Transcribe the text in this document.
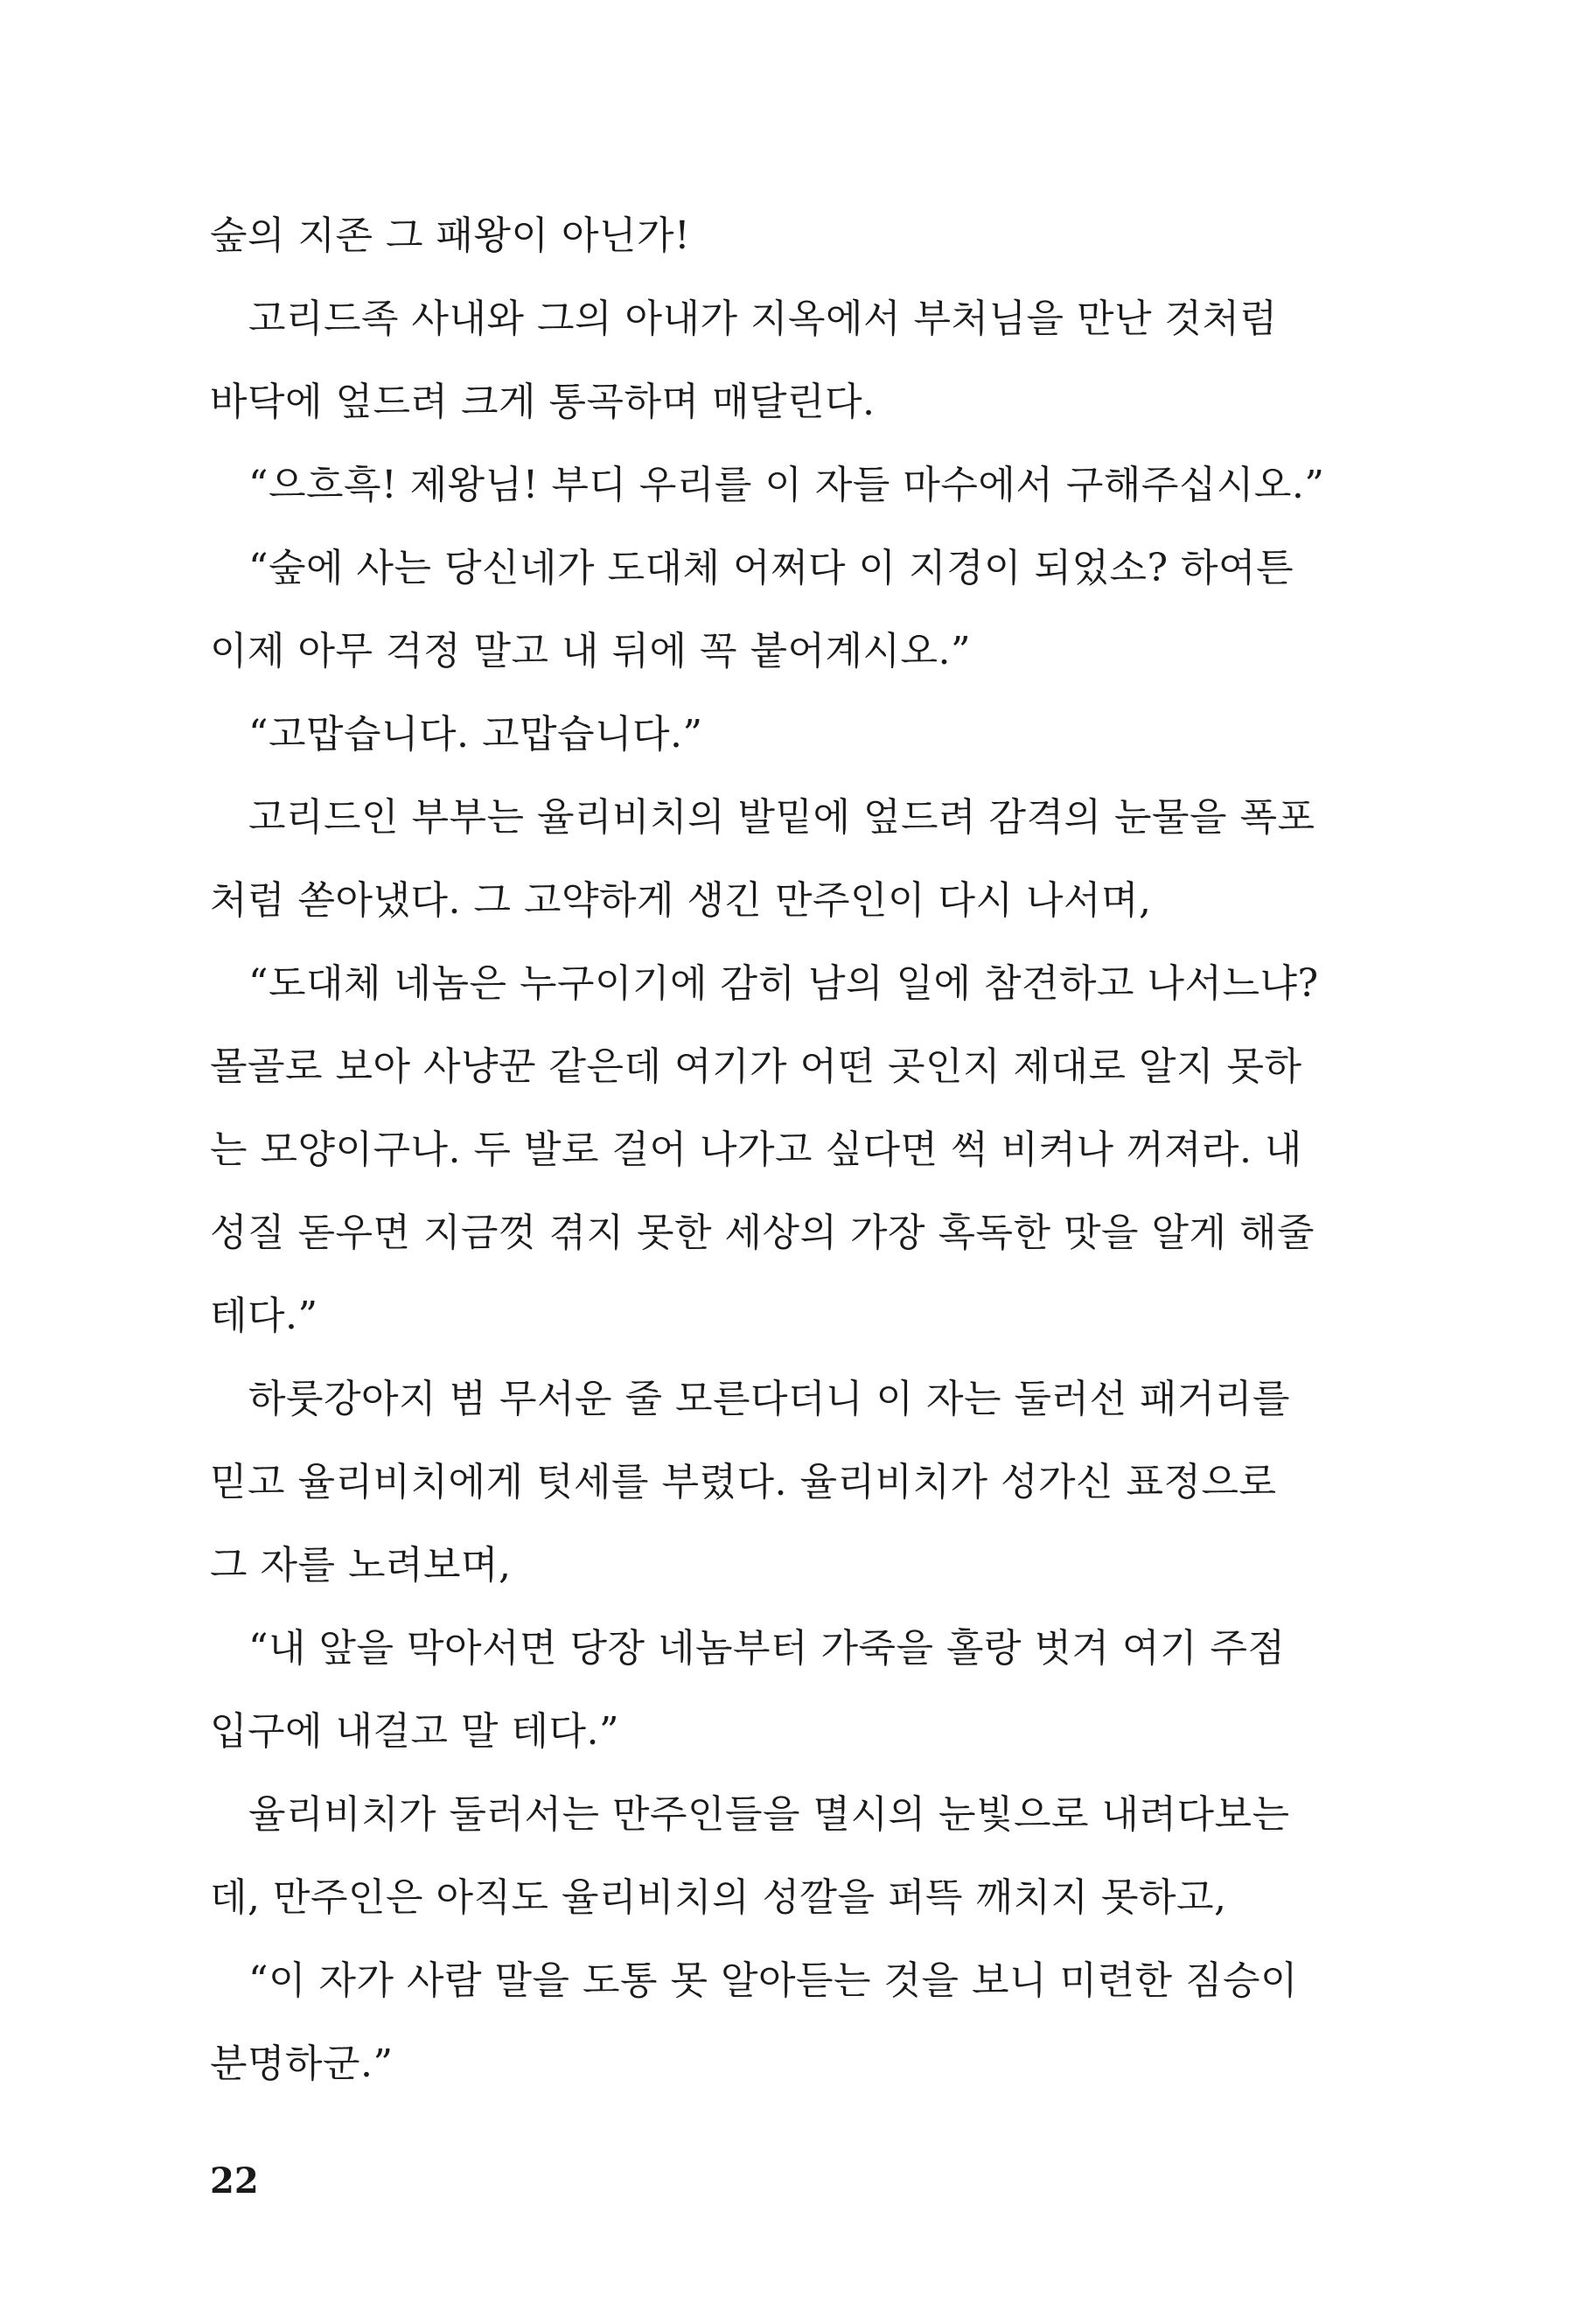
숲의 지존 그 패왕이 아닌가!
고리드족 사내와 그의 아내가 지옥에서 부처님을 만난 것처럼
바닥에 엎드려 크게 통곡하며 매달린다.
“으흐흑! 제왕님! 부디 우리를 이 자들 마수에서 구해주십시오.”
“숲에 사는 당신네가 도대체 어쩌다 이 지경이 되었소? 하여튼
이제 아무 걱정 말고 내 뒤에 꼭 붙어계시오.”
“고맙습니다. 고맙습니다.”
고리드인 부부는 율리비치의 발밑에 엎드려 감격의 눈물을 폭포
처럼 쏟아냈다. 그 고약하게 생긴 만주인이 다시 나서며,
“도대체 네놈은 누구이기에 감히 남의 일에 참견하고 나서느냐?
몰골로 보아 사냥꾼 같은데 여기가 어떤 곳인지 제대로 알지 못하
는 모양이구나. 두 발로 걸어 나가고 싶다면 썩 비켜나 꺼져라. 내
성질 돋우면 지금껏 겪지 못한 세상의 가장 혹독한 맛을 알게 해줄
테다.”
하룻강아지 범 무서운 줄 모른다더니 이 자는 둘러선 패거리를
믿고 율리비치에게 텃세를 부렸다. 율리비치가 성가신 표정으로
그 자를 노려보며,
“내 앞을 막아서면 당장 네놈부터 가죽을 홀랑 벗겨 여기 주점
입구에 내걸고 말 테다.”
율리비치가 둘러서는 만주인들을 멸시의 눈빛으로 내려다보는
데, 만주인은 아직도 율리비치의 성깔을 퍼뜩 깨치지 못하고,
“이 자가 사람 말을 도통 못 알아듣는 것을 보니 미련한 짐승이
분명하군.”
22
